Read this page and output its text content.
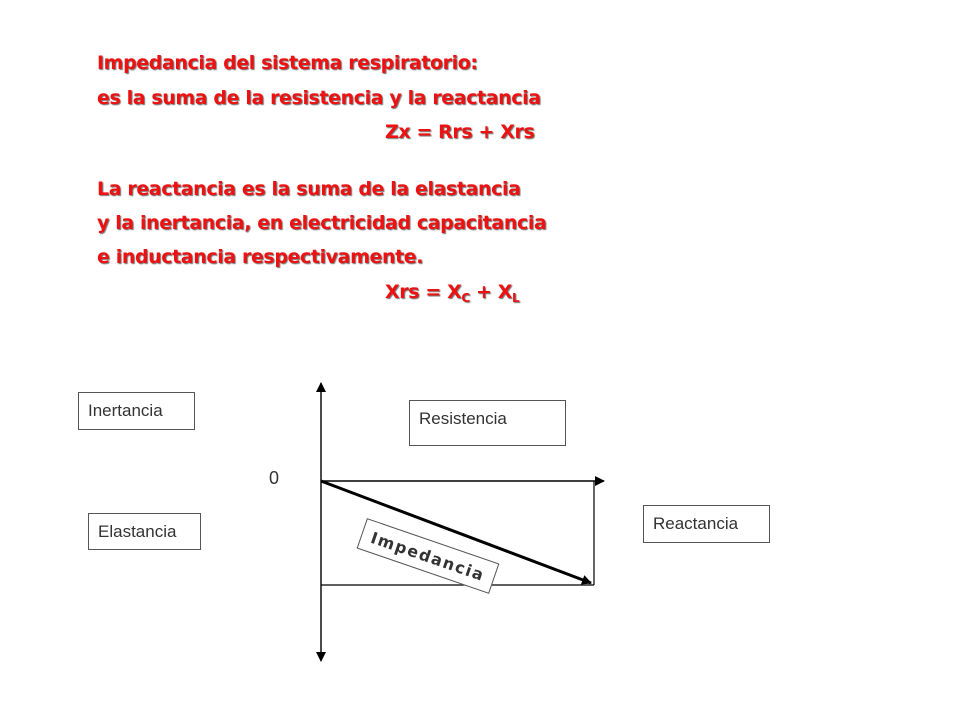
Impedancia del sistema respiratorio:

es la suma de la resistencia y la reactancia

Zx = Rrs + Xrs

La reactancia es la suma de la elastancia

y la inertancia, en electricidad capacitancia

e inductancia respectivamente.

Xrs = $X_C + X_L$

Inertancia	Resistencia
Elastancia	Reactancia
0
Impedancia
